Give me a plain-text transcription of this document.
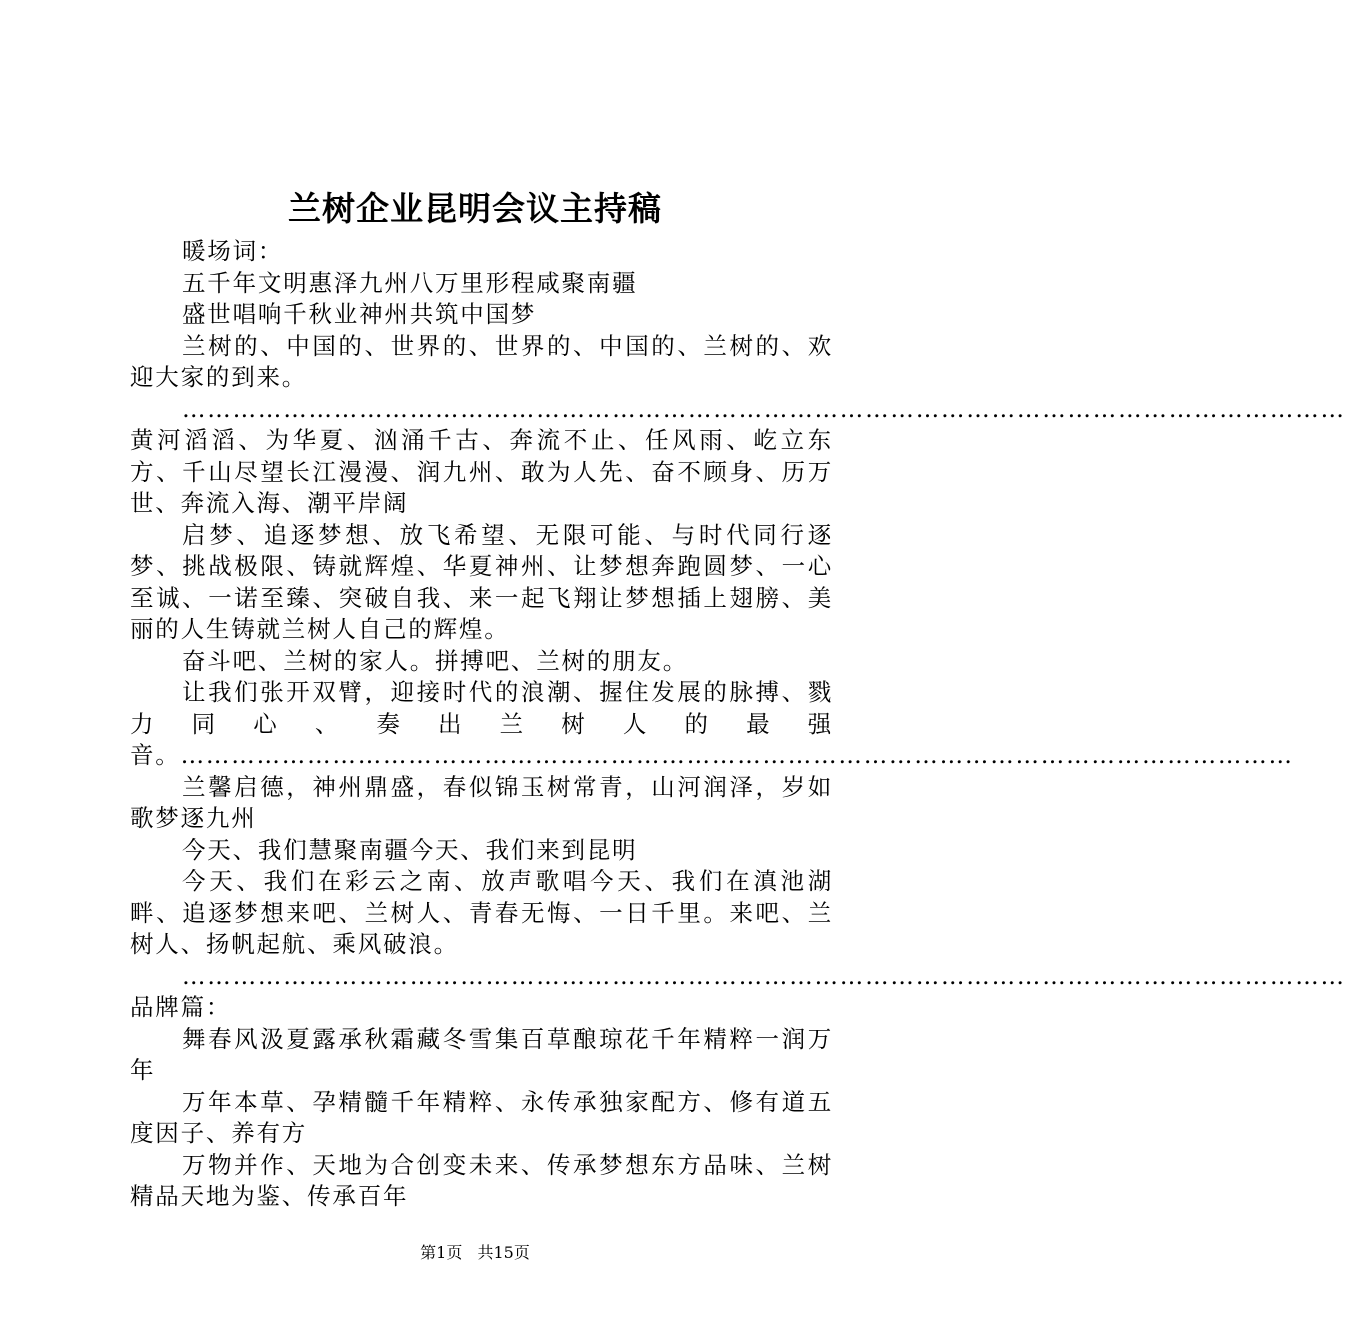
兰树企业昆明会议主持稿

暖场词：

五千年文明惠泽九州八万里形程咸聚南疆

盛世唱响千秋业神州共筑中国梦

兰树的、中国的、世界的、世界的、中国的、兰树的、欢迎大家的到来。

…………………………………………………………………………………………………………………………黄河滔滔、为华夏、汹涌千古、奔流不止、任风雨、屹立东方、千山尽望长江漫漫、润九州、敢为人先、奋不顾身、历万世、奔流入海、潮平岸阔

启梦、追逐梦想、放飞希望、无限可能、与时代同行逐梦、挑战极限、铸就辉煌、华夏神州、让梦想奔跑圆梦、一心至诚、一诺至臻、突破自我、来一起飞翔让梦想插上翅膀、美丽的人生铸就兰树人自己的辉煌。

奋斗吧、兰树的家人。拼搏吧、兰树的朋友。

让我们张开双臂，迎接时代的浪潮、握住发展的脉搏、戮力同心、奏出兰树人的最强音。……………………………………………………………………………………………………………………

兰馨启德，神州鼎盛，春似锦玉树常青，山河润泽，岁如歌梦逐九州

今天、我们慧聚南疆今天、我们来到昆明

今天、我们在彩云之南、放声歌唱今天、我们在滇池湖畔、追逐梦想来吧、兰树人、青春无悔、一日千里。来吧、兰树人、扬帆起航、乘风破浪。

…………………………………………………………………………………………………………………………品牌篇：

舞春风汲夏露承秋霜藏冬雪集百草酿琼花千年精粹一润万年

万年本草、孕精髓千年精粹、永传承独家配方、修有道五度因子、养有方

万物并作、天地为合创变未来、传承梦想东方品味、兰树精品天地为鉴、传承百年

第1页 共15页
